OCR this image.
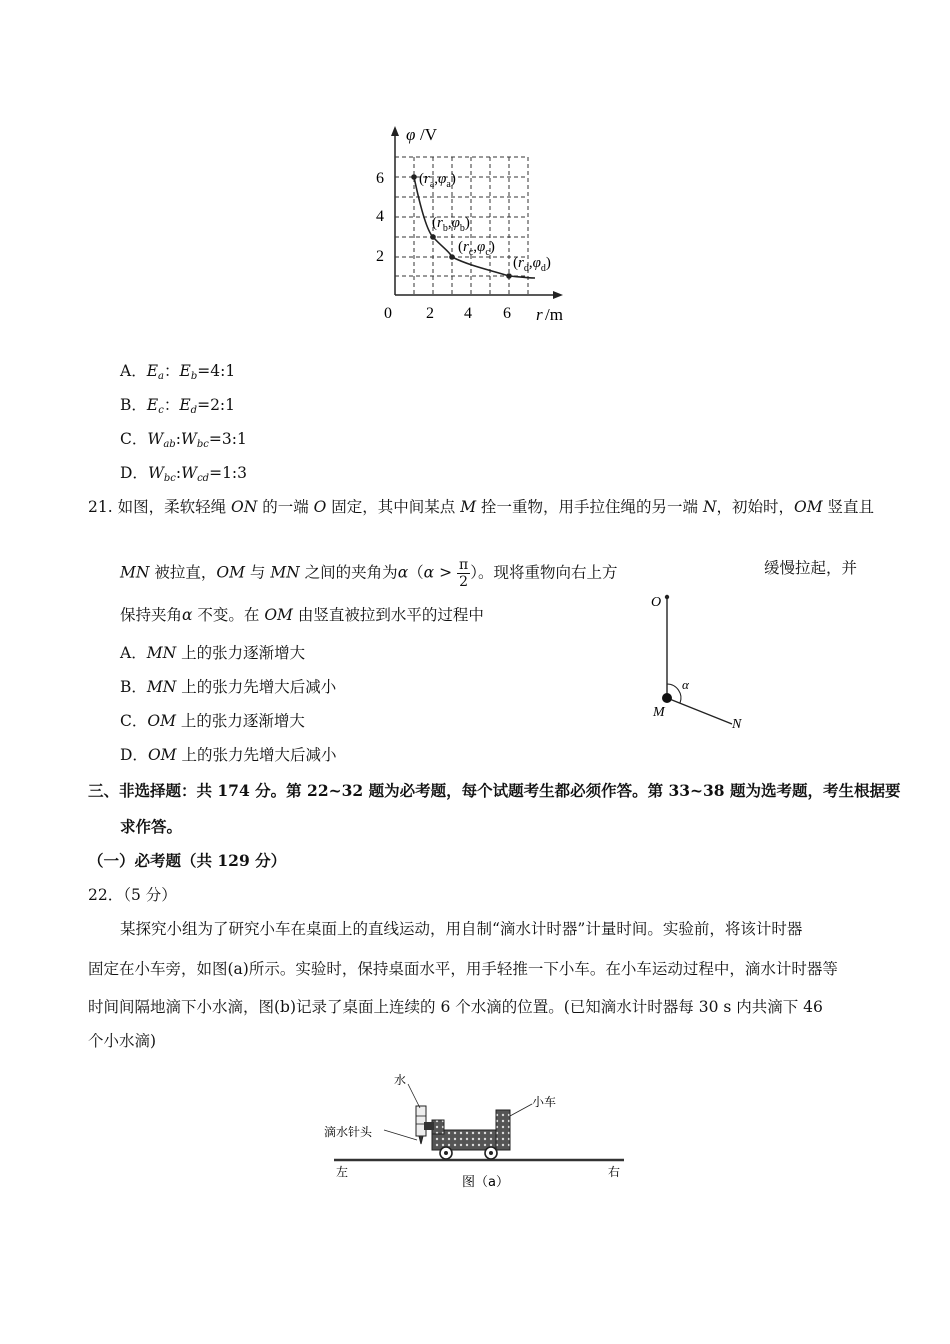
φ /V
6
4
2
0 2 4 6 r /m
$(r_a,\varphi_a)$
$(r_b,\varphi_b)$
$(r_c,\varphi_c)$
$(r_d,\varphi_d)$
A．$E_a$：$E_b=4:1$
B．$E_c$：$E_d=2:1$
C．$W_{ab}:W_{bc}=3:1$
D．$W_{bc}:W_{cd}=1:3$
21. 如图，柔软轻绳 ON 的一端 O 固定，其中间某点 M 拴一重物，用手拉住绳的另一端 N，初始时，OM 竖直且
MN 被拉直，OM 与 MN 之间的夹角为$\alpha(\alpha > \frac{\pi}{2}$ ）。现将重物向右上方	缓慢拉起，并
保持夹角α 不变。在 OM 由竖直被拉到水平的过程中
A．MN 上的张力逐渐增大
B．MN 上的张力先增大后减小
C．OM 上的张力逐渐增大
D．OM 上的张力先增大后减小
O
M
N
α
三、非选择题：共 174 分。第 22~32 题为必考题，每个试题考生都必须作答。第 33~38 题为选考题，考生根据要
求作答。
（一）必考题（共 129 分）
22．（5 分）
某探究小组为了研究小车在桌面上的直线运动，用自制“滴水计时器”计量时间。实验前，将该计时器
固定在小车旁，如图(a)所示。实验时，保持桌面水平，用手轻推一下小车。在小车运动过程中，滴水计时器等
时间间隔地滴下小水滴，图(b)记录了桌面上连续的 6 个水滴的位置。(已知滴水计时器每 30 s 内共滴下 46
个小水滴)
水
小车
滴水针头
左	右
图（a）
